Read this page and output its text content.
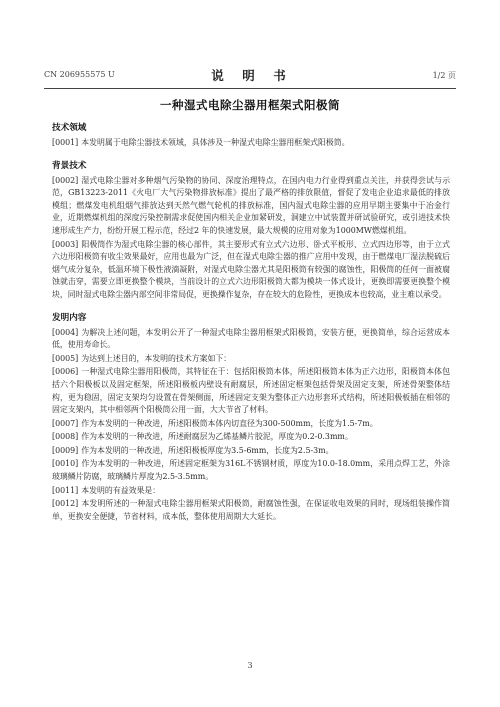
CN 206955575 U	说　明　书	1/2 页
一种湿式电除尘器用框架式阳极筒
技术领域

[0001] 本发明属于电除尘器技术领域，具体涉及一种湿式电除尘器用框架式阳极筒。

背景技术

[0002] 湿式电除尘器对多种烟气污染物的协同、深度治理特点，在国内电力行业得到重点关注，并获得尝试与示范，GB13223-2011《火电厂大气污染物排放标准》提出了最严格的排放限值，督促了发电企业追求最低的排放模组；燃煤发电机组烟气排放达到天然气燃气轮机的排放标准，国内湿式电除尘器的应用早期主要集中于冶金行业，近期燃煤机组的深度污染控制需求促使国内相关企业加紧研发，洞建立中试装置并研试验研究，或引进技术快速形成生产力，纷纷开展工程示范，经过2 年的快速发展，最大规模的应用对象为1000MW燃煤机组。

[0003] 阳极筒作为湿式电除尘器的核心部件，其主要形式有立式六边形、卧式平板形、立式四边形等，由于立式六边形阳极筒有收尘效果最好，应用也最为广泛，但在湿式电除尘器的推广应用中发现，由于燃煤电厂湿法脱硫后烟气成分复杂，低温环境下极性液滴凝附，对湿式电除尘器尤其是阳极筒有较强的腐蚀性，阳极筒的任何一面被腐蚀就击穿，需要立即更换整个模块，当前设计的立式六边形阳极筒大都为模块一体式设计，更换即需要更换整个模块，同时湿式电除尘器内部空间非常局促，更换操作复杂，存在较大的危险性，更换成本也较高，业主难以承受。

发明内容

[0004] 为解决上述问题，本发明公开了一种湿式电除尘器用框架式阳极筒，安装方便，更换简单，综合运营成本低，使用寿命长。

[0005] 为达到上述目的，本发明的技术方案如下：

[0006] 一种湿式电除尘器用阳极筒，其特征在于：包括阳极筒本体，所述阳极筒本体为正六边形，阳极筒本体包括六个阳极板以及固定框架，所述阳极板内壁设有耐腐层，所述固定框架包括骨架及固定支架，所述骨架整体结构，更为稳固，固定支架均匀设置在骨架侧面，所述固定支架为整体正六边形套环式结构，所述阳极板插在相邻的固定支架内，其中相邻两个阳极筒公用一面，大大节省了材料。

[0007] 作为本发明的一种改进，所述阳极筒本体内切直径为300-500mm，长度为1.5-7m。

[0008] 作为本发明的一种改进，所述耐腐层为乙烯基鳞片胶泥，厚度为0.2-0.3mm。

[0009] 作为本发明的一种改进，所述阳极板厚度为3.5-6mm，长度为2.5-3m。

[0010] 作为本发明的一种改进，所述固定框架为316L不锈钢材质，厚度为10.0-18.0mm，采用点焊工艺，外涂玻璃鳞片防腐，玻璃鳞片厚度为2.5-3.5mm。

[0011] 本发明的有益效果是：

[0012] 本发明所述的一种湿式电除尘器用框架式阳极筒，耐腐蚀性强，在保证收电效果的同时，现场组装操作简单，更换安全便捷，节省材料，成本低，整体使用周期大大延长。

3
